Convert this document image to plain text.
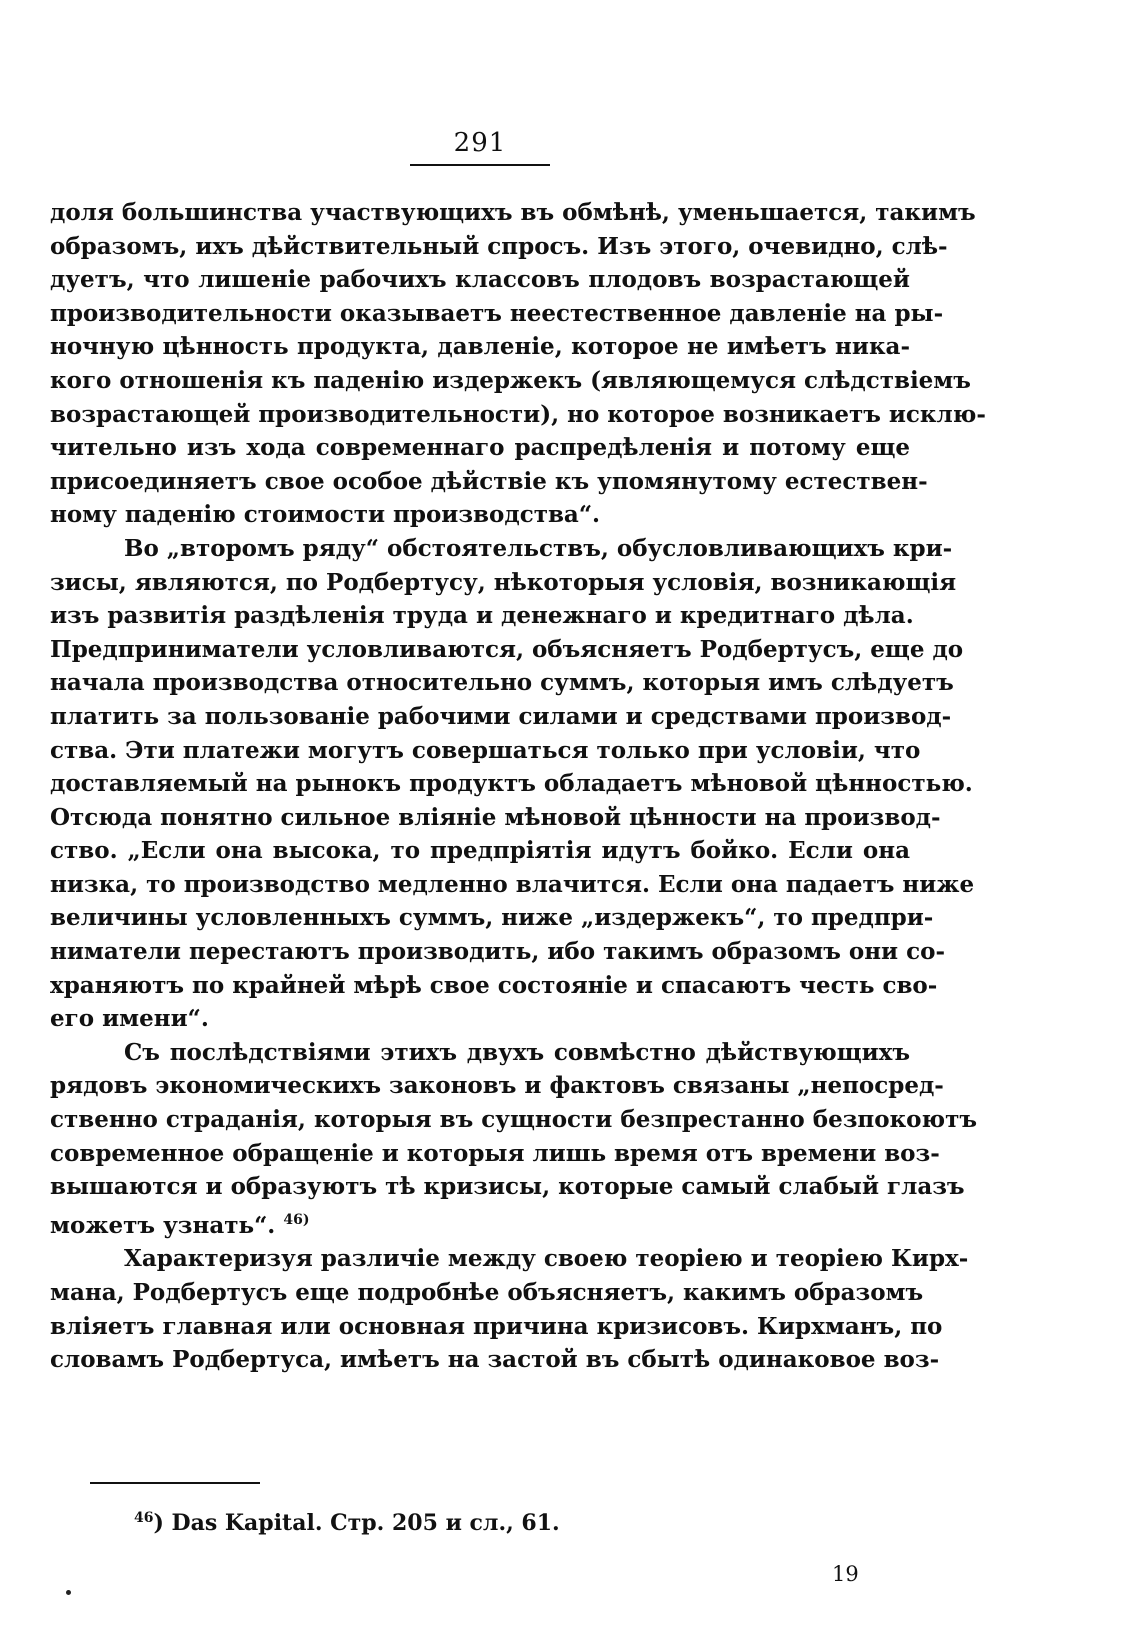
291
доля большинства участвующихъ въ обмѣнѣ, уменьшается, такимъ
образомъ, ихъ дѣйствительный спросъ. Изъ этого, очевидно, слѣ-
дуетъ, что лишеніе рабочихъ классовъ плодовъ возрастающей
производительности оказываетъ неестественное давленіе на ры-
ночную цѣнность продукта, давленіе, которое не имѣетъ ника-
кого отношенія къ паденію издержекъ (являющемуся слѣдствіемъ
возрастающей производительности), но которое возникаетъ исклю-
чительно изъ хода современнаго распредѣленія и потому еще
присоединяетъ свое особое дѣйствіе къ упомянутому естествен-
ному паденію стоимости производства“.
Во „второмъ ряду“ обстоятельствъ, обусловливающихъ кри-
зисы, являются, по Родбертусу, нѣкоторыя условія, возникающія
изъ развитія раздѣленія труда и денежнаго и кредитнаго дѣла.
Предприниматели условливаются, объясняетъ Родбертусъ, еще до
начала производства относительно суммъ, которыя имъ слѣдуетъ
платить за пользованіе рабочими силами и средствами производ-
ства. Эти платежи могутъ совершаться только при условіи, что
доставляемый на рынокъ продуктъ обладаетъ мѣновой цѣнностью.
Отсюда понятно сильное вліяніе мѣновой цѣнности на производ-
ство. „Если она высока, то предпріятія идутъ бойко. Если она
низка, то производство медленно влачится. Если она падаетъ ниже
величины условленныхъ суммъ, ниже „издержекъ“, то предпри-
ниматели перестаютъ производить, ибо такимъ образомъ они со-
храняютъ по крайней мѣрѣ свое состояніе и спасаютъ честь сво-
его имени“.
Съ послѣдствіями этихъ двухъ совмѣстно дѣйствующихъ
рядовъ экономическихъ законовъ и фактовъ связаны „непосред-
ственно страданія, которыя въ сущности безпрестанно безпокоютъ
современное обращеніе и которыя лишь время отъ времени воз-
вышаются и образуютъ тѣ кризисы, которые самый слабый глазъ
можетъ узнать“. $^{46)}$
Характеризуя различіе между своею теоріею и теоріею Кирх-
мана, Родбертусъ еще подробнѣе объясняетъ, какимъ образомъ
вліяетъ главная или основная причина кризисовъ. Кирхманъ, по
словамъ Родбертуса, имѣетъ на застой въ сбытѣ одинаковое воз-
$^{46}$) Das Kapital. Стр. 205 и сл., 61.
19
